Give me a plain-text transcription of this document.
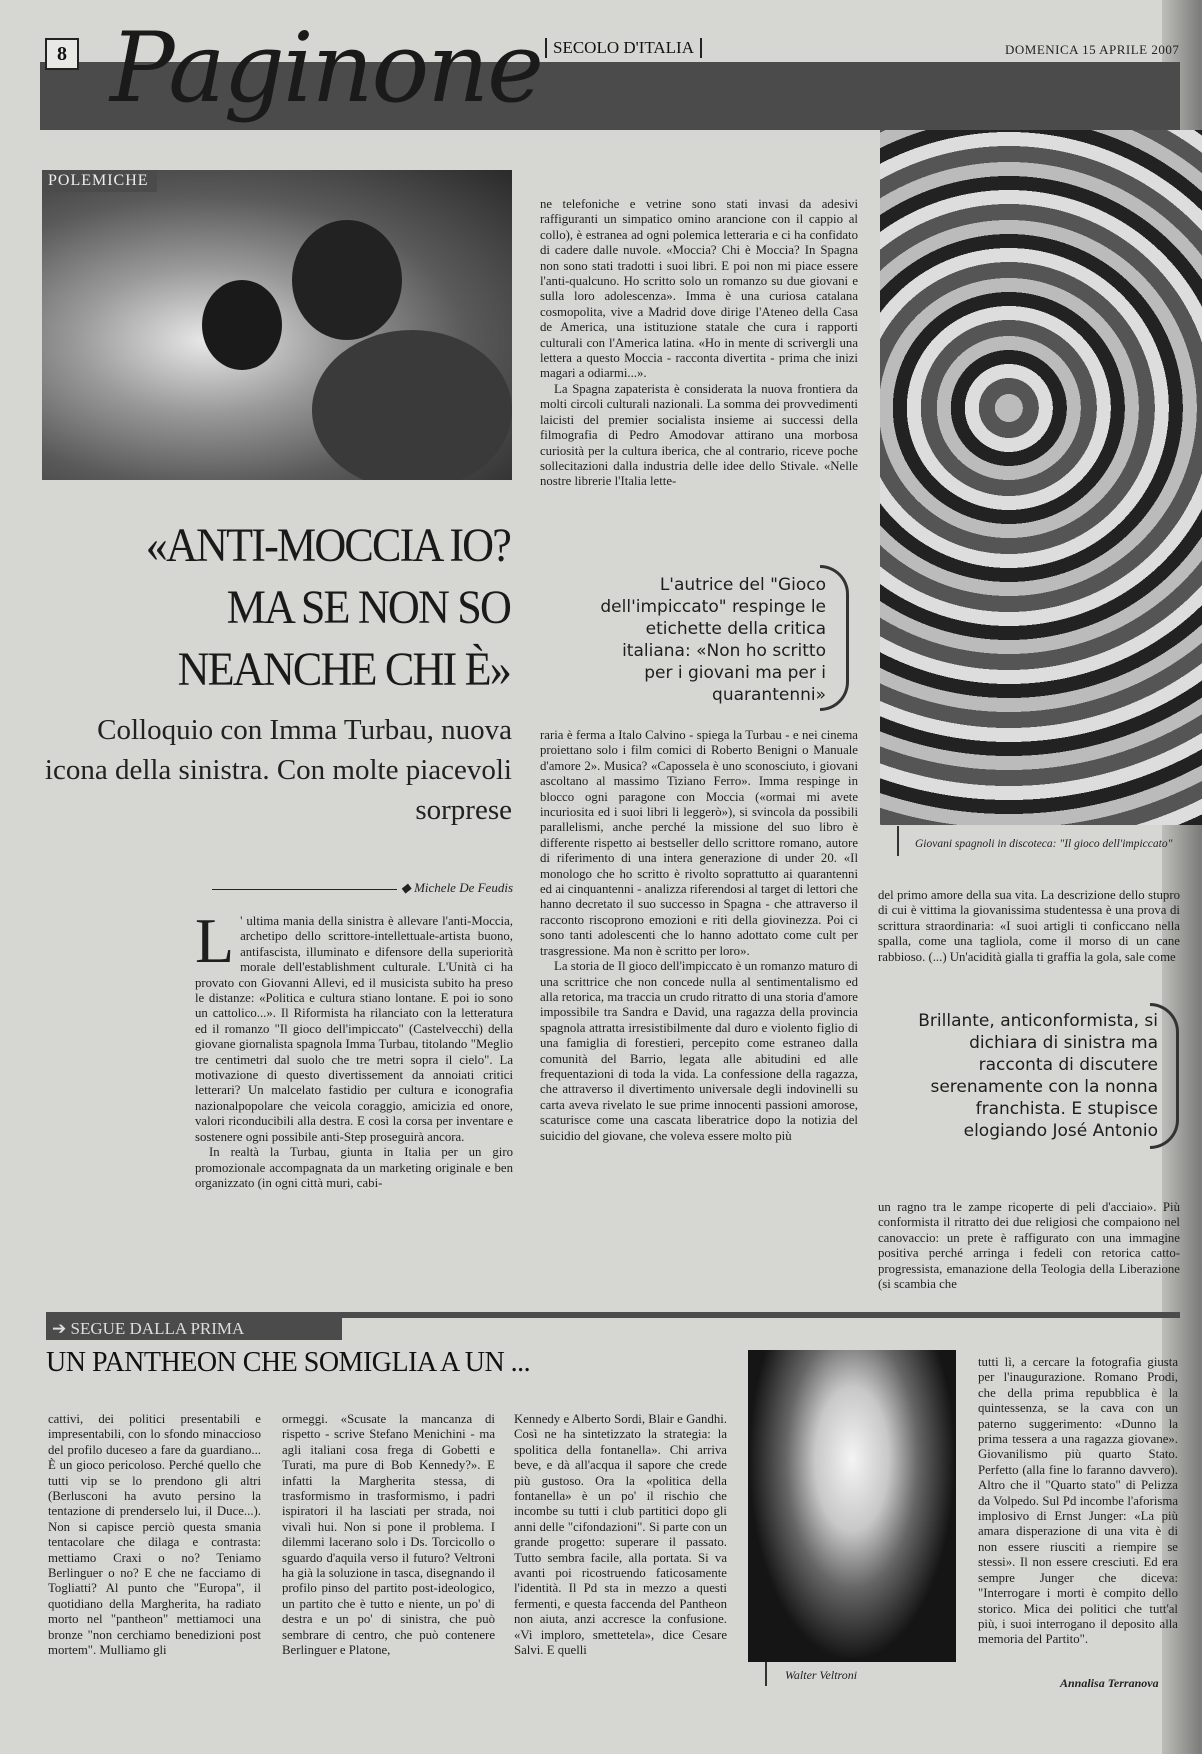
8 Paginone SECOLO D'ITALIA	DOMENICA 15 APRILE 2007
POLEMICHE
Giovani spagnoli in discoteca: "Il gioco dell'impiccato"
«ANTI-MOCCIA IO? MA SE NON SO NEANCHE CHI È»
Colloquio con Imma Turbau, nuova icona della sinistra. Con molte piacevoli sorprese
◆ Michele De Feudis

L ' ultima mania della sinistra è allevare l'anti-Moccia, archetipo dello scrittore-intellettuale-artista buono, antifascista, illuminato e difensore della superiorità morale dell'establishment culturale. L'Unità ci ha provato con Giovanni Allevi, ed il musicista subito ha preso le distanze: «Politica e cultura stiano lontane. E poi io sono un cattolico...». Il Riformista ha rilanciato con la letteratura ed il romanzo "Il gioco dell'impiccato" (Castelvecchi) della giovane giornalista spagnola Imma Turbau, titolando "Meglio tre centimetri dal suolo che tre metri sopra il cielo". La motivazione di questo divertissement da annoiati critici letterari? Un malcelato fastidio per cultura e iconografia nazionalpopolare che veicola coraggio, amicizia ed onore, valori riconducibili alla destra. E così la corsa per inventare e sostenere ogni possibile anti-Step proseguirà ancora.

In realtà la Turbau, giunta in Italia per un giro promozionale accompagnata da un marketing originale e ben organizzato (in ogni città muri, cabi-

ne telefoniche e vetrine sono stati invasi da adesivi raffiguranti un simpatico omino arancione con il cappio al collo), è estranea ad ogni polemica letteraria e ci ha confidato di cadere dalle nuvole. «Moccia? Chi è Moccia? In Spagna non sono stati tradotti i suoi libri. E poi non mi piace essere l'anti-qualcuno. Ho scritto solo un romanzo su due giovani e sulla loro adolescenza». Imma è una curiosa catalana cosmopolita, vive a Madrid dove dirige l'Ateneo della Casa de America, una istituzione statale che cura i rapporti culturali con l'America latina. «Ho in mente di scrivergli una lettera a questo Moccia - racconta divertita - prima che inizi magari a odiarmi...».

La Spagna zapaterista è considerata la nuova frontiera da molti circoli culturali nazionali. La somma dei provvedimenti laicisti del premier socialista insieme ai successi della filmografia di Pedro Amodovar attirano una morbosa curiosità per la cultura iberica, che al contrario, riceve poche sollecitazioni dalla industria delle idee dello Stivale. «Nelle nostre librerie l'Italia lette-

L'autrice del "Gioco dell'impiccato" respinge le etichette della critica italiana: «Non ho scritto per i giovani ma per i quarantenni»

raria è ferma a Italo Calvino - spiega la Turbau - e nei cinema proiettano solo i film comici di Roberto Benigni o Manuale d'amore 2». Musica? «Capossela è uno sconosciuto, i giovani ascoltano al massimo Tiziano Ferro». Imma respinge in blocco ogni paragone con Moccia («ormai mi avete incuriosita ed i suoi libri li leggerò»), si svincola da possibili parallelismi, anche perché la missione del suo libro è differente rispetto ai bestseller dello scrittore romano, autore di riferimento di una intera generazione di under 20. «Il monologo che ho scritto è rivolto soprattutto ai quarantenni ed ai cinquantenni - analizza riferendosi al target di lettori che hanno decretato il suo successo in Spagna - che attraverso il racconto riscoprono emozioni e riti della giovinezza. Poi ci sono tanti adolescenti che lo hanno adottato come cult per trasgressione. Ma non è scritto per loro».

La storia de Il gioco dell'impiccato è un romanzo maturo di una scrittrice che non concede nulla al sentimentalismo ed alla retorica, ma traccia un crudo ritratto di una storia d'amore impossibile tra Sandra e David, una ragazza della provincia spagnola attratta irresistibilmente dal duro e violento figlio di una famiglia di forestieri, percepito come estraneo dalla comunità del Barrio, legata alle abitudini ed alle frequentazioni di toda la vida. La confessione della ragazza, che attraverso il divertimento universale degli indovinelli su carta aveva rivelato le sue prime innocenti passioni amorose, scaturisce come una cascata liberatrice dopo la notizia del suicidio del giovane, che voleva essere molto più

del primo amore della sua vita. La descrizione dello stupro di cui è vittima la giovanissima studentessa è una prova di scrittura straordinaria: «I suoi artigli ti conficcano nella spalla, come una tagliola, come il morso di un cane rabbioso. (...) Un'acidità gialla ti graffia la gola, sale come

Brillante, anticonformista, si dichiara di sinistra ma racconta di discutere serenamente con la nonna franchista. E stupisce elogiando José Antonio

un ragno tra le zampe ricoperte di peli d'acciaio». Più conformista il ritratto dei due religiosi che compaiono nel canovaccio: un prete è raffigurato con una immagine positiva perché arringa i fedeli con retorica catto-progressista, emanazione della Teologia della Liberazione (si scambia che

➔ SEGUE DALLA PRIMA
UN PANTHEON CHE SOMIGLIA A UN ...
cattivi, dei politici presentabili e impresentabili, con lo sfondo minaccioso del profilo duceseo a fare da guardiano... È un gioco pericoloso. Perché quello che tutti vip se lo prendono gli altri (Berlusconi ha avuto persino la tentazione di prenderselo lui, il Duce...). Non si capisce perciò questa smania tentacolare che dilaga e contrasta: mettiamo Craxi o no? Teniamo Berlinguer o no? E che ne facciamo di Togliatti? Al punto che "Europa", il quotidiano della Margherita, ha radiato morto nel "pantheon" mettiamoci una bronze "non cerchiamo benedizioni post mortem". Mulliamo gli
ormeggi. «Scusate la mancanza di rispetto - scrive Stefano Menichini - ma agli italiani cosa frega di Gobetti e Turati, ma pure di Bob Kennedy?». E infatti la Margherita stessa, di trasformismo in trasformismo, i padri ispiratori il ha lasciati per strada, noi vivalì hui. Non si pone il problema. I dilemmi lacerano solo i Ds. Torcicollo o sguardo d'aquila verso il futuro? Veltroni ha già la soluzione in tasca, disegnando il profilo pinso del partito post-ideologico, un partito che è tutto e niente, un po' di destra e un po' di sinistra, che può sembrare di centro, che può contenere Berlinguer e Platone,
Kennedy e Alberto Sordi, Blair e Gandhi. Così ne ha sintetizzato la strategia: la spolitica della fontanella». Chi arriva beve, e dà all'acqua il sapore che crede più gustoso. Ora la «politica della fontanella» è un po' il rischio che incombe su tutti i club partitici dopo gli anni delle "cifondazioni". Si parte con un grande progetto: superare il passato. Tutto sembra facile, alla portata. Si va avanti poi ricostruendo faticosamente l'identità. Il Pd sta in mezzo a questi fermenti, e questa faccenda del Pantheon non aiuta, anzi accresce la confusione. «Vi imploro, smettetela», dice Cesare Salvi. E quelli
Walter Veltroni
tutti lì, a cercare la fotografia giusta per l'inaugurazione. Romano Prodi, che della prima repubblica è la quintessenza, se la cava con un paterno suggerimento: «Dunno la prima tessera a una ragazza giovane». Giovanilismo più quarto Stato. Perfetto (alla fine lo faranno davvero). Altro che il "Quarto stato" di Pelizza da Volpedo. Sul Pd incombe l'aforisma implosivo di Ernst Junger: «La più amara disperazione di una vita è di non essere riusciti a riempire se stessi». Il non essere cresciuti. Ed era sempre Junger che diceva: "Interrogare i morti è compito dello storico. Mica dei politici che tutt'al più, i suoi interrogano il deposito alla memoria del Partito".
Annalisa Terranova
